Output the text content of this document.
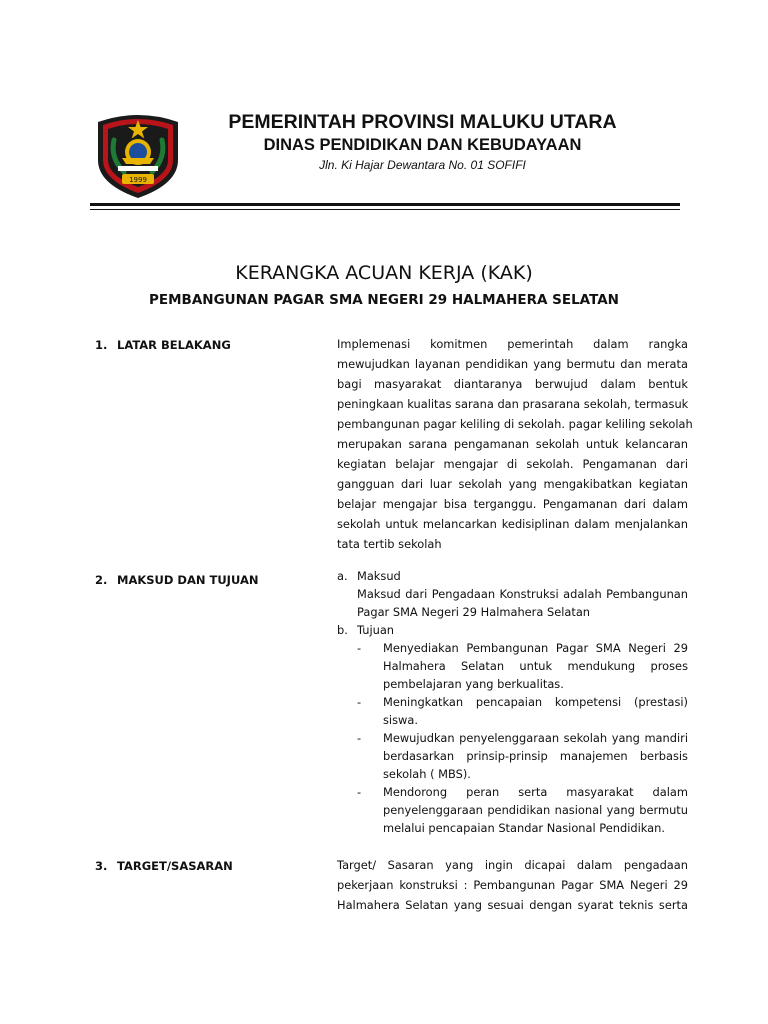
1999
PEMERINTAH PROVINSI MALUKU UTARA
DINAS PENDIDIKAN DAN KEBUDAYAAN
Jln. Ki Hajar Dewantara No. 01 SOFIFI
KERANGKA ACUAN KERJA (KAK)
PEMBANGUNAN PAGAR SMA NEGERI 29 HALMAHERA SELATAN
1. LATAR BELAKANG	Implemenasi komitmen pemerintah dalam rangka
mewujudkan layanan pendidikan yang bermutu dan merata
bagi masyarakat diantaranya berwujud dalam bentuk
peningkaan kualitas sarana dan prasarana sekolah, termasuk
pembangunan pagar keliling di sekolah. pagar keliling sekolah
merupakan sarana pengamanan sekolah untuk kelancaran
kegiatan belajar mengajar di sekolah. Pengamanan dari
gangguan dari luar sekolah yang mengakibatkan kegiatan
belajar mengajar bisa terganggu. Pengamanan dari dalam
sekolah untuk melancarkan kedisiplinan dalam menjalankan
tata tertib sekolah
2. MAKSUD DAN TUJUAN	a. Maksud
Maksud dari Pengadaan Konstruksi adalah Pembangunan Pagar SMA Negeri 29 Halmahera Selatan
b. Tujuan
-	Menyediakan Pembangunan Pagar SMA Negeri 29 Halmahera Selatan untuk mendukung proses pembelajaran yang berkualitas.
-	Meningkatkan pencapaian kompetensi (prestasi) siswa.
-	Mewujudkan penyelenggaraan sekolah yang mandiri berdasarkan prinsip-prinsip manajemen berbasis sekolah ( MBS).
-	Mendorong peran serta masyarakat dalam penyelenggaraan pendidikan nasional yang bermutu melalui pencapaian Standar Nasional Pendidikan.
3. TARGET/SASARAN	Target/ Sasaran yang ingin dicapai dalam pengadaan
pekerjaan konstruksi : Pembangunan Pagar SMA Negeri 29
Halmahera Selatan yang sesuai dengan syarat teknis serta
